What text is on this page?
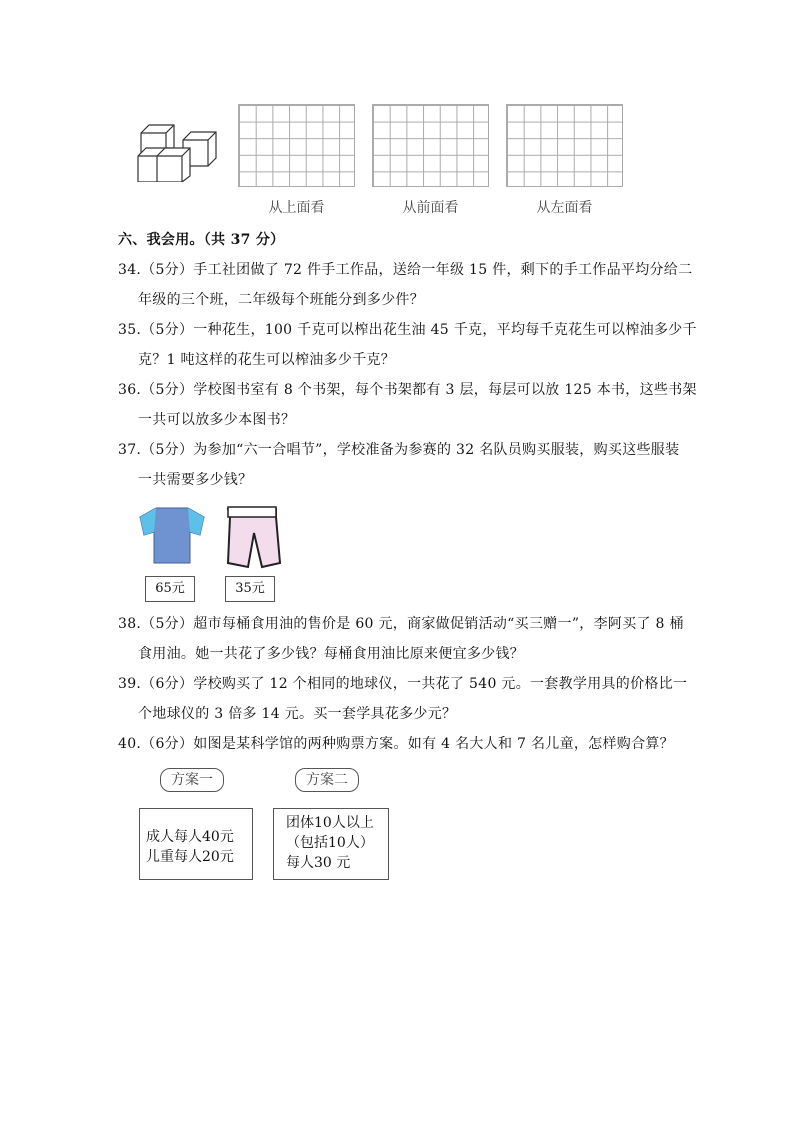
从上面看	从前面看	从左面看
六、我会用。（共 37 分）
34.（5分）手工社团做了 72 件手工作品，送给一年级 15 件，剩下的手工作品平均分给二
年级的三个班，二年级每个班能分到多少件？
35.（5分）一种花生，100 千克可以榨出花生油 45 千克，平均每千克花生可以榨油多少千
克？1 吨这样的花生可以榨油多少千克？
36.（5分）学校图书室有 8 个书架，每个书架都有 3 层，每层可以放 125 本书，这些书架
一共可以放多少本图书？
37.（5分）为参加“六一合唱节”，学校准备为参赛的 32 名队员购买服装，购买这些服装
一共需要多少钱？
65元	35元
38.（5分）超市每桶食用油的售价是 60 元，商家做促销活动“买三赠一”，李阿买了 8 桶
食用油。她一共花了多少钱？每桶食用油比原来便宜多少钱？
39.（6分）学校购买了 12 个相同的地球仪，一共花了 540 元。一套教学用具的价格比一
个地球仪的 3 倍多 14 元。买一套学具花多少元？
40.（6分）如图是某科学馆的两种购票方案。如有 4 名大人和 7 名儿童，怎样购合算？
方案一	方案二
成人每人40元
儿重每人20元
团体10人以上
（包括10人）
每人30 元
